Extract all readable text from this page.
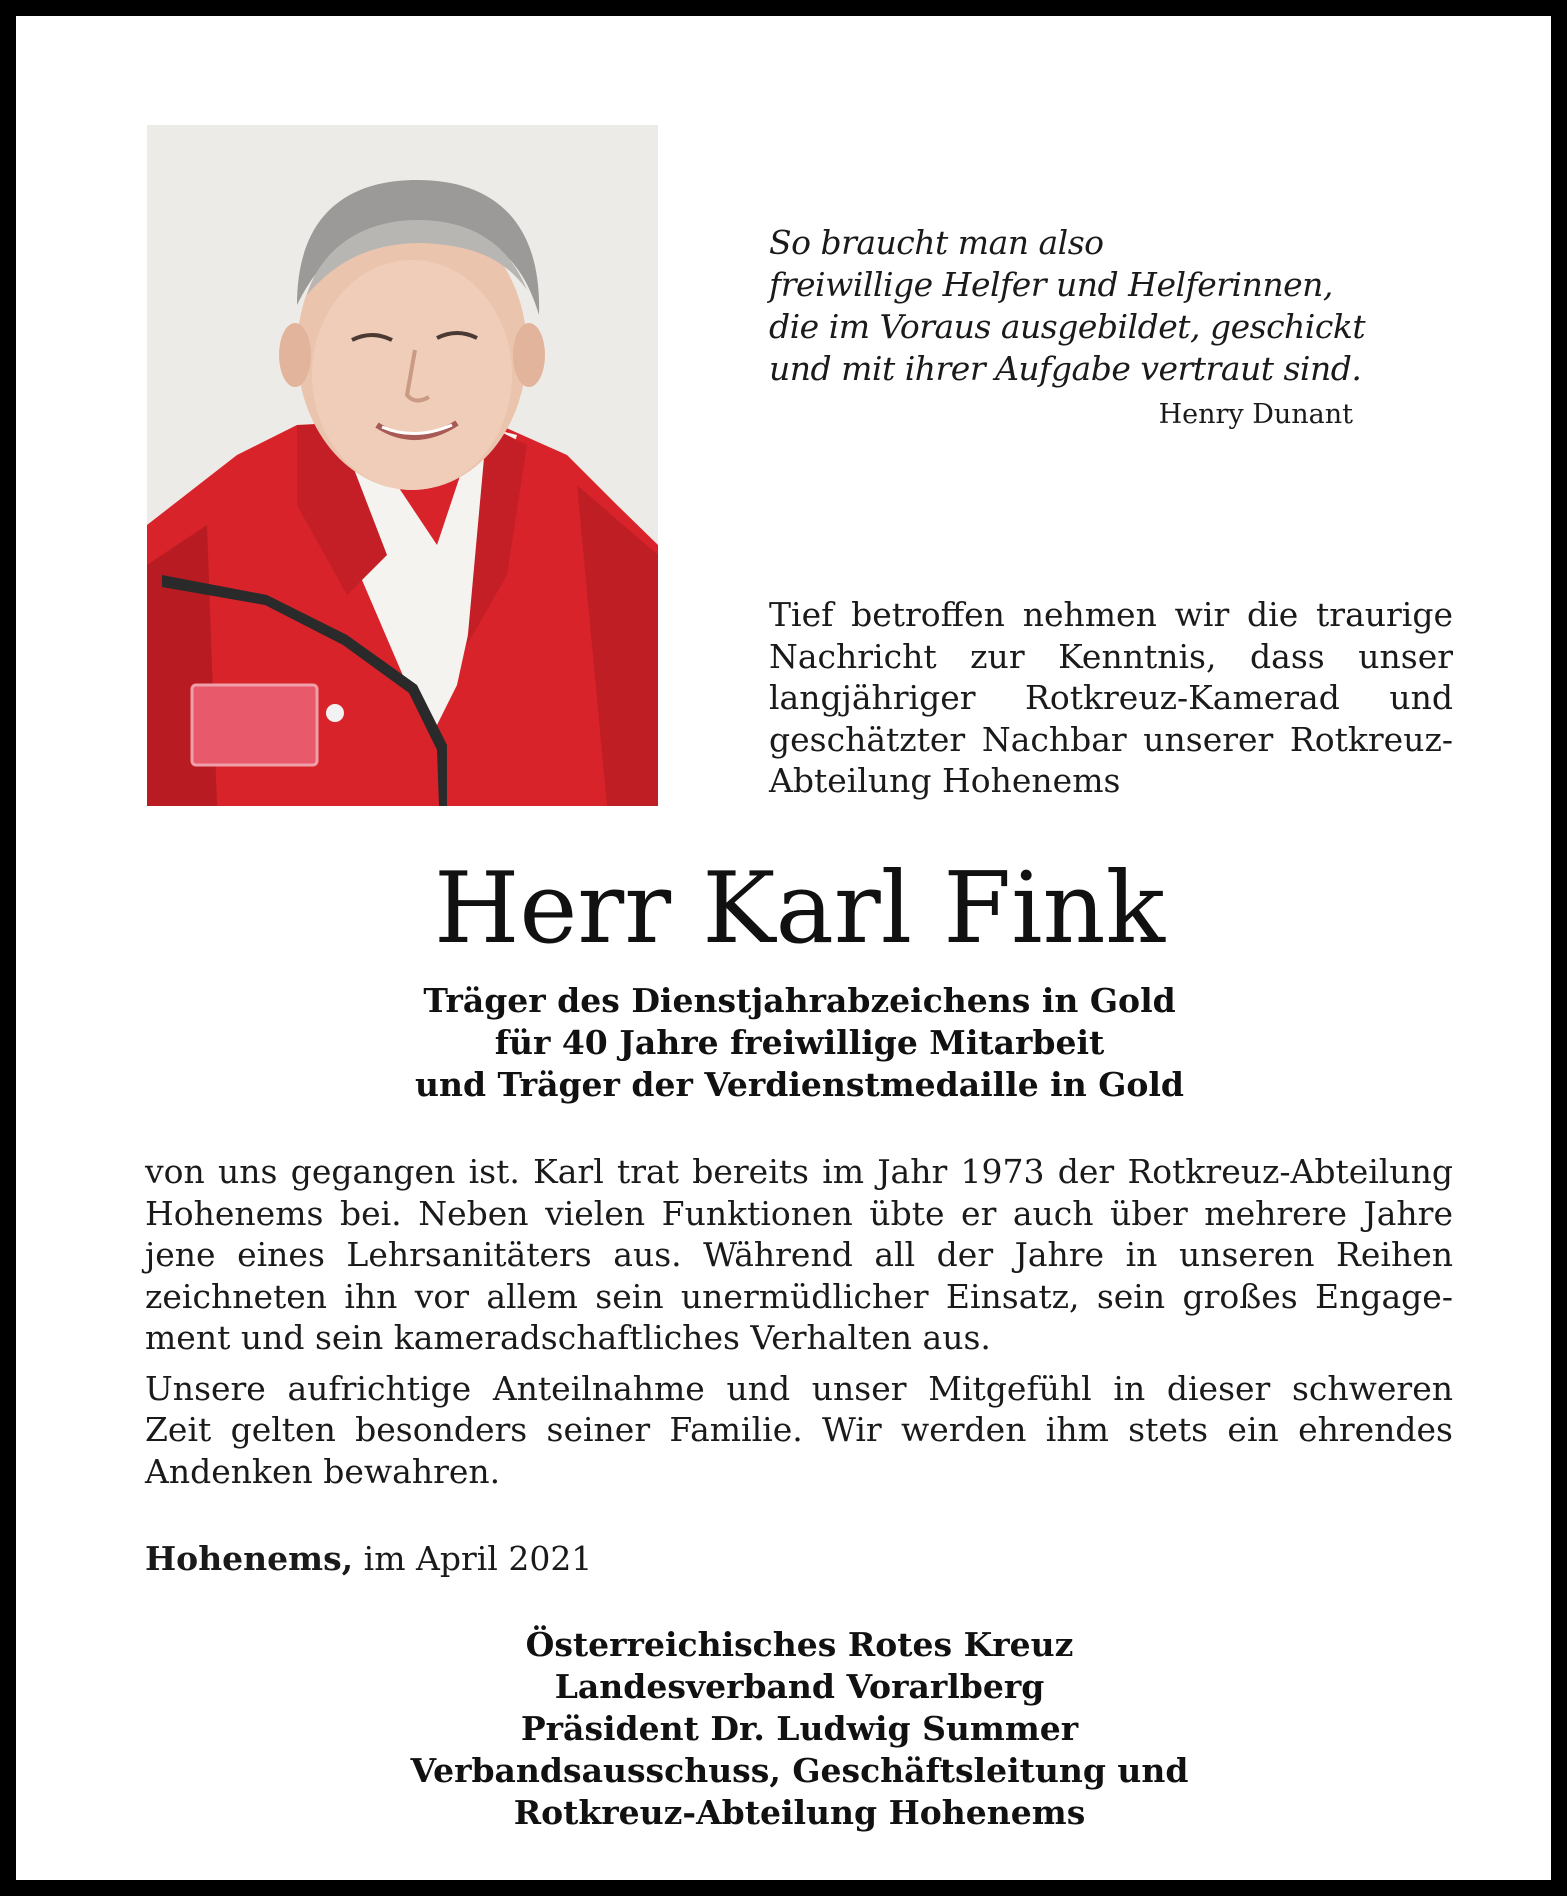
So braucht man also
freiwillige Helfer und Helferinnen,
die im Voraus ausgebildet, geschickt
und mit ihrer Aufgabe vertraut sind.
Henry Dunant
Tief betroffen nehmen wir die traurige
Nachricht zur Kenntnis, dass unser
langjähriger Rotkreuz-Kamerad und
geschätzter Nachbar unserer Rotkreuz-
Abteilung Hohenems
Herr Karl Fink
Träger des Dienstjahrabzeichens in Gold
für 40 Jahre freiwillige Mitarbeit
und Träger der Verdienstmedaille in Gold
von uns gegangen ist. Karl trat bereits im Jahr 1973 der Rotkreuz-Abteilung
Hohenems bei. Neben vielen Funktionen übte er auch über mehrere Jahre
jene eines Lehrsanitäters aus. Während all der Jahre in unseren Reihen
zeichneten ihn vor allem sein unermüdlicher Einsatz, sein großes Engage-
ment und sein kameradschaftliches Verhalten aus.
Unsere aufrichtige Anteilnahme und unser Mitgefühl in dieser schweren
Zeit gelten besonders seiner Familie. Wir werden ihm stets ein ehrendes
Andenken bewahren.
Hohenems, im April 2021
Österreichisches Rotes Kreuz
Landesverband Vorarlberg
Präsident Dr. Ludwig Summer
Verbandsausschuss, Geschäftsleitung und
Rotkreuz-Abteilung Hohenems
